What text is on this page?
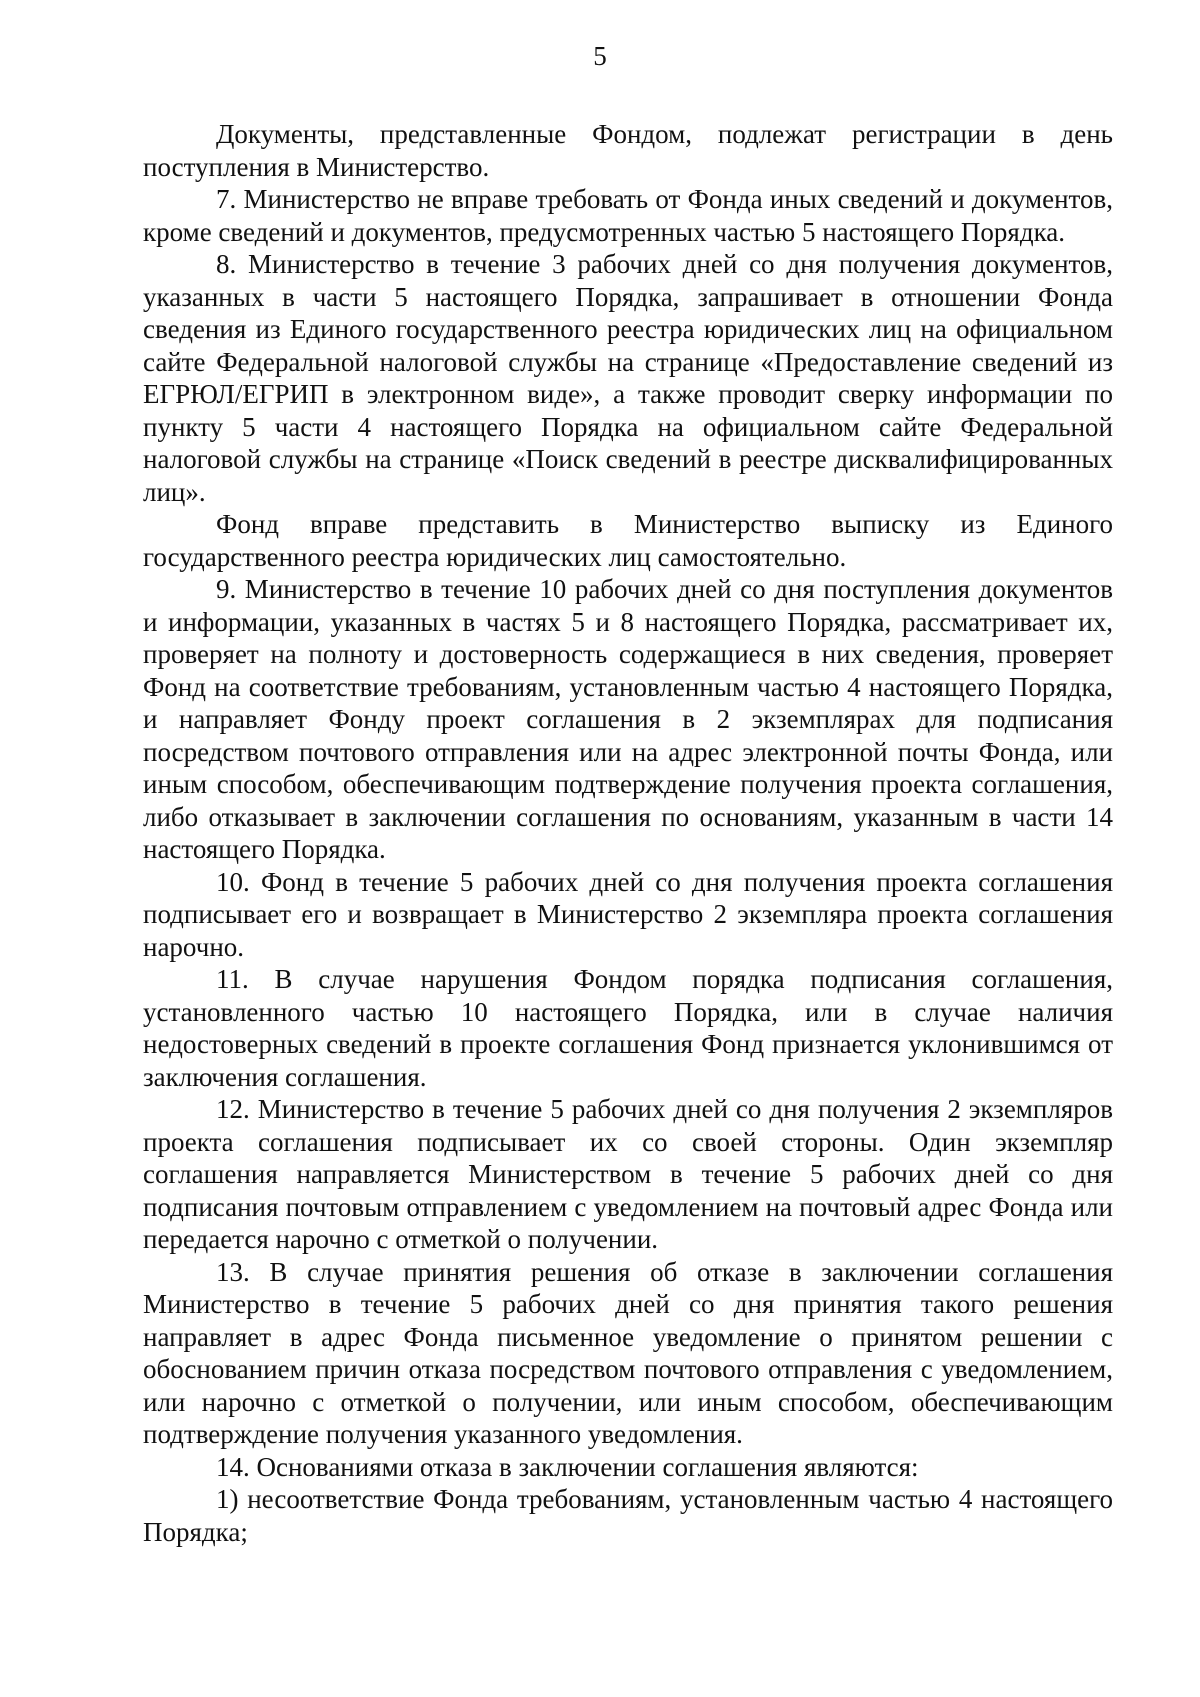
5

Документы, представленные Фондом, подлежат регистрации в день поступления в Министерство.

7. Министерство не вправе требовать от Фонда иных сведений и документов, кроме сведений и документов, предусмотренных частью 5 настоящего Порядка.

8. Министерство в течение 3 рабочих дней со дня получения документов, указанных в части 5 настоящего Порядка, запрашивает в отношении Фонда сведения из Единого государственного реестра юридических лиц на официальном сайте Федеральной налоговой службы на странице «Предоставление сведений из ЕГРЮЛ/ЕГРИП в электронном виде», а также проводит сверку информации по пункту 5 части 4 настоящего Порядка на официальном сайте Федеральной налоговой службы на странице «Поиск сведений в реестре дисквалифицированных лиц».

Фонд вправе представить в Министерство выписку из Единого государственного реестра юридических лиц самостоятельно.

9. Министерство в течение 10 рабочих дней со дня поступления документов и информации, указанных в частях 5 и 8 настоящего Порядка, рассматривает их, проверяет на полноту и достоверность содержащиеся в них сведения, проверяет Фонд на соответствие требованиям, установленным частью 4 настоящего Порядка, и направляет Фонду проект соглашения в 2 экземплярах для подписания посредством почтового отправления или на адрес электронной почты Фонда, или иным способом, обеспечивающим подтверждение получения проекта соглашения, либо отказывает в заключении соглашения по основаниям, указанным в части 14 настоящего Порядка.

10. Фонд в течение 5 рабочих дней со дня получения проекта соглашения подписывает его и возвращает в Министерство 2 экземпляра проекта соглашения нарочно.

11. В случае нарушения Фондом порядка подписания соглашения, установленного частью 10 настоящего Порядка, или в случае наличия недостоверных сведений в проекте соглашения Фонд признается уклонившимся от заключения соглашения.

12. Министерство в течение 5 рабочих дней со дня получения 2 экземпляров проекта соглашения подписывает их со своей стороны. Один экземпляр соглашения направляется Министерством в течение 5 рабочих дней со дня подписания почтовым отправлением с уведомлением на почтовый адрес Фонда или передается нарочно с отметкой о получении.

13. В случае принятия решения об отказе в заключении соглашения Министерство в течение 5 рабочих дней со дня принятия такого решения направляет в адрес Фонда письменное уведомление о принятом решении с обоснованием причин отказа посредством почтового отправления с уведомлением, или нарочно с отметкой о получении, или иным способом, обеспечивающим подтверждение получения указанного уведомления.

14. Основаниями отказа в заключении соглашения являются:

1) несоответствие Фонда требованиям, установленным частью 4 настоящего Порядка;
